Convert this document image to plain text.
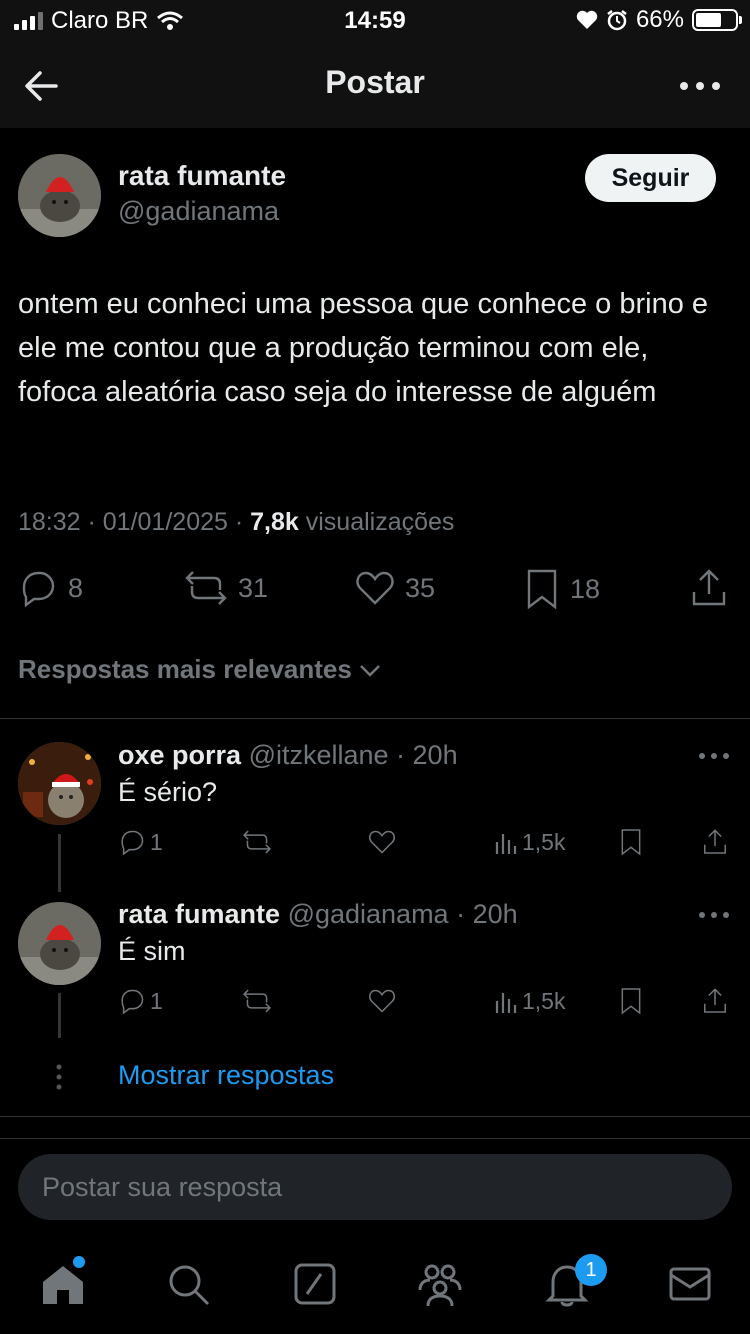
Claro BR	14:59	66%
Postar
rata fumante
@gadianama
Seguir
ontem eu conheci uma pessoa que conhece o brino e ele me contou que a produção terminou com ele, fofoca aleatória caso seja do interesse de alguém
18:32 · 01/01/2025 · 7,8k visualizações
8	31	35	18
Respostas mais relevantes
oxe porra @itzkellane · 20h
É sério?
1	1,5k
rata fumante @gadianama · 20h
É sim
1	1,5k
Mostrar respostas
Postar sua resposta
1
